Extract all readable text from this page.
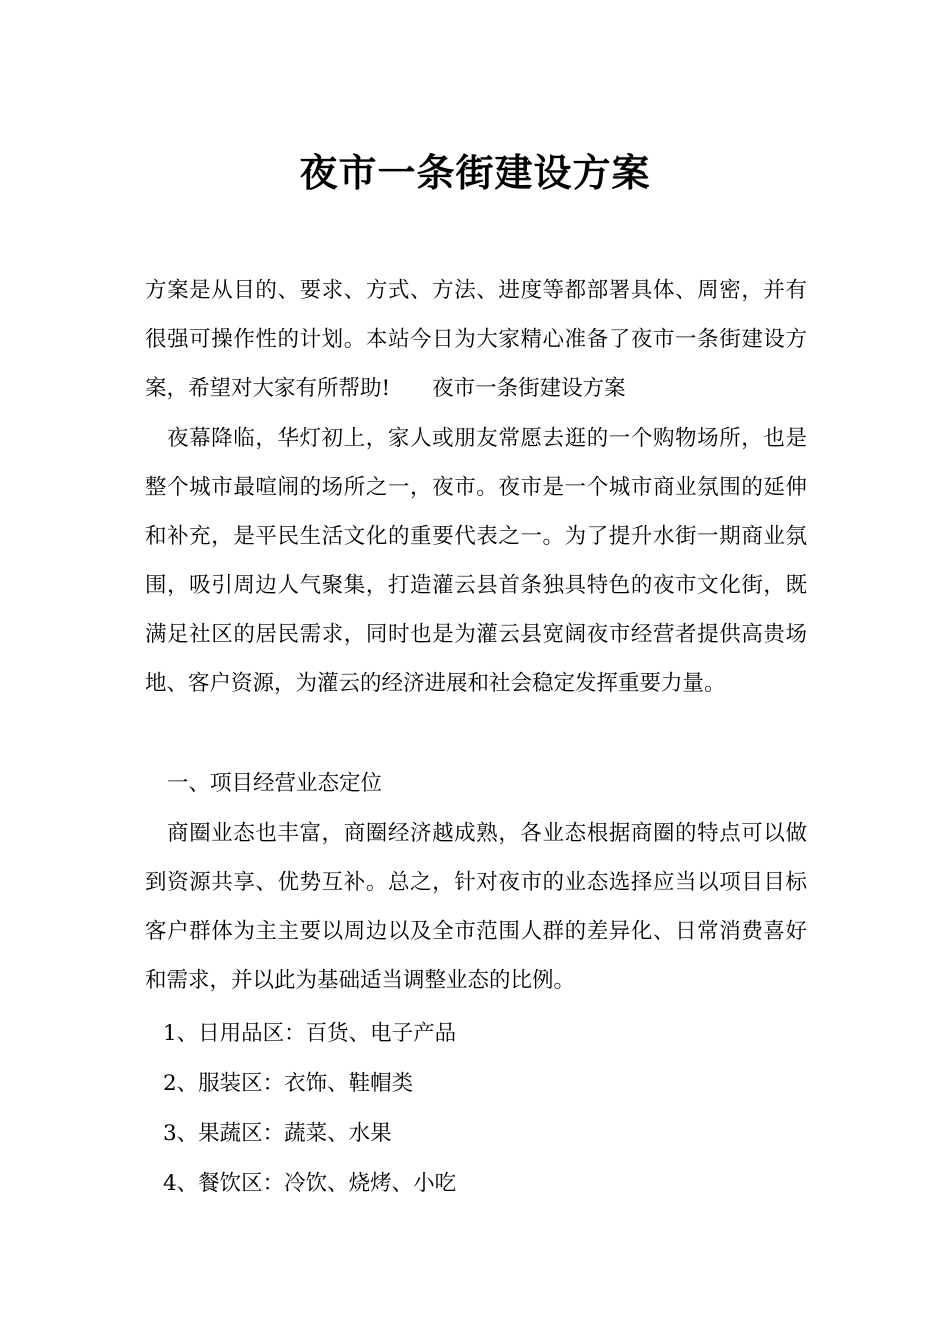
夜市一条街建设方案
方案是从目的、要求、方式、方法、进度等都部署具体、周密，并有很强可操作性的计划。本站今日为大家精心准备了夜市一条街建设方案，希望对大家有所帮助! 夜市一条街建设方案
夜幕降临，华灯初上，家人或朋友常愿去逛的一个购物场所，也是整个城市最喧闹的场所之一，夜市。夜市是一个城市商业氛围的延伸和补充，是平民生活文化的重要代表之一。为了提升水街一期商业氛围，吸引周边人气聚集，打造灌云县首条独具特色的夜市文化街，既满足社区的居民需求，同时也是为灌云县宽阔夜市经营者提供高贵场地、客户资源，为灌云的经济进展和社会稳定发挥重要力量。
一、项目经营业态定位
商圈业态也丰富，商圈经济越成熟，各业态根据商圈的特点可以做到资源共享、优势互补。总之，针对夜市的业态选择应当以项目目标客户群体为主主要以周边以及全市范围人群的差异化、日常消费喜好和需求，并以此为基础适当调整业态的比例。
1、日用品区：百货、电子产品
2、服装区：衣饰、鞋帽类
3、果蔬区：蔬菜、水果
4、餐饮区：冷饮、烧烤、小吃
